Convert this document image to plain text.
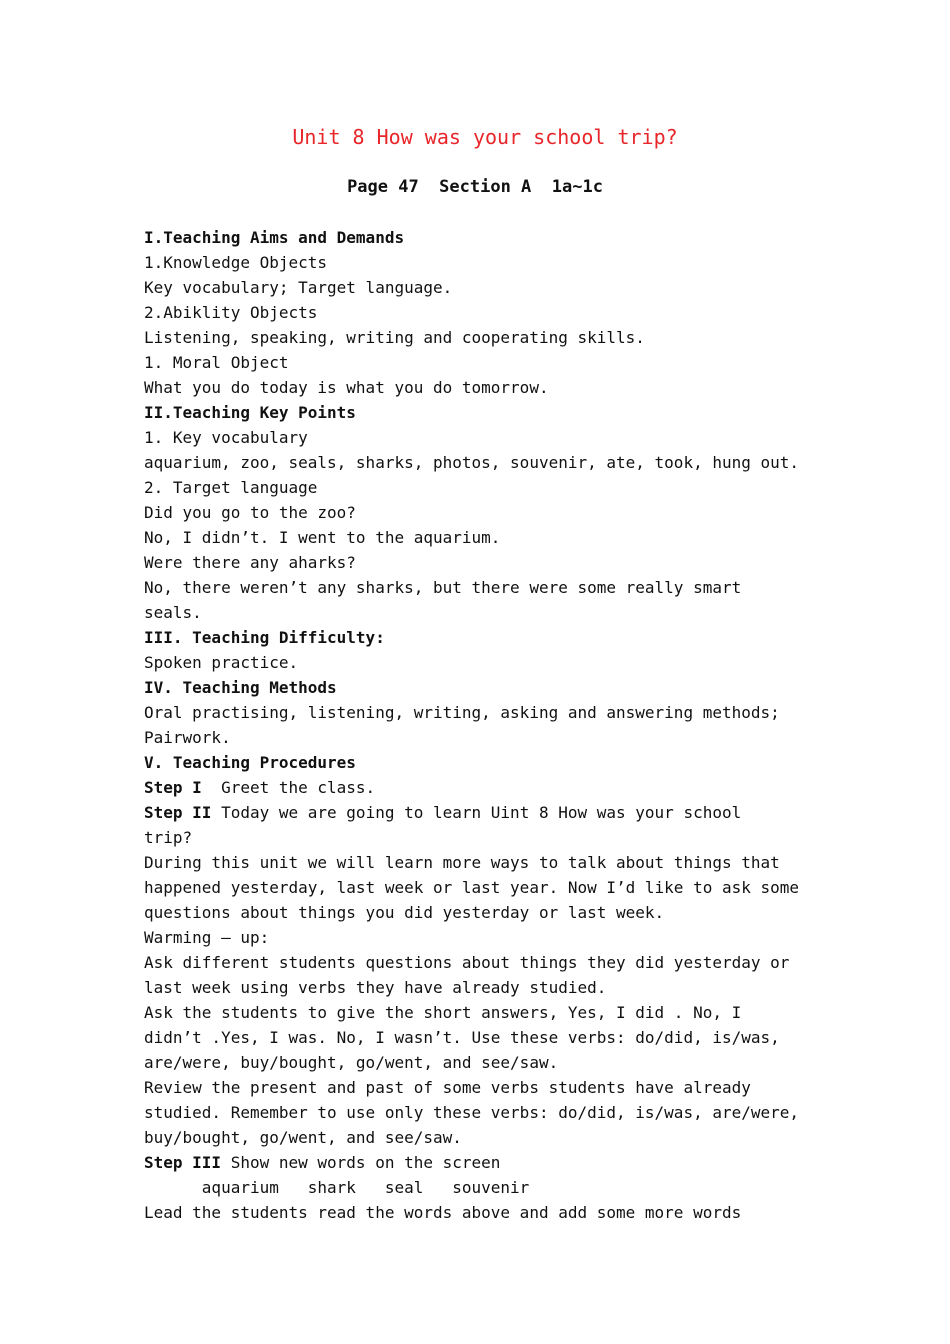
Unit 8 How was your school trip?
Page 47  Section A  1a~1c
I.Teaching Aims and Demands
1.Knowledge Objects
Key vocabulary; Target language.
2.Abiklity Objects
Listening, speaking, writing and cooperating skills.
1. Moral Object
What you do today is what you do tomorrow.
II.Teaching Key Points
1. Key vocabulary
aquarium, zoo, seals, sharks, photos, souvenir, ate, took, hung out.
2. Target language
Did you go to the zoo?
No, I didn’t. I went to the aquarium.
Were there any aharks?
No, there weren’t any sharks, but there were some really smart
seals.
III. Teaching Difficulty:
Spoken practice.
IV. Teaching Methods
Oral practising, listening, writing, asking and answering methods;
Pairwork.
V. Teaching Procedures
Step I  Greet the class.
Step II Today we are going to learn Uint 8 How was your school
trip?
During this unit we will learn more ways to talk about things that
happened yesterday, last week or last year. Now I’d like to ask some
questions about things you did yesterday or last week.
Warming – up:
Ask different students questions about things they did yesterday or
last week using verbs they have already studied.
Ask the students to give the short answers, Yes, I did . No, I
didn’t .Yes, I was. No, I wasn’t. Use these verbs: do/did, is/was,
are/were, buy/bought, go/went, and see/saw.
Review the present and past of some verbs students have already
studied. Remember to use only these verbs: do/did, is/was, are/were,
buy/bought, go/went, and see/saw.
Step III Show new words on the screen
aquarium   shark   seal   souvenir
Lead the students read the words above and add some more words
